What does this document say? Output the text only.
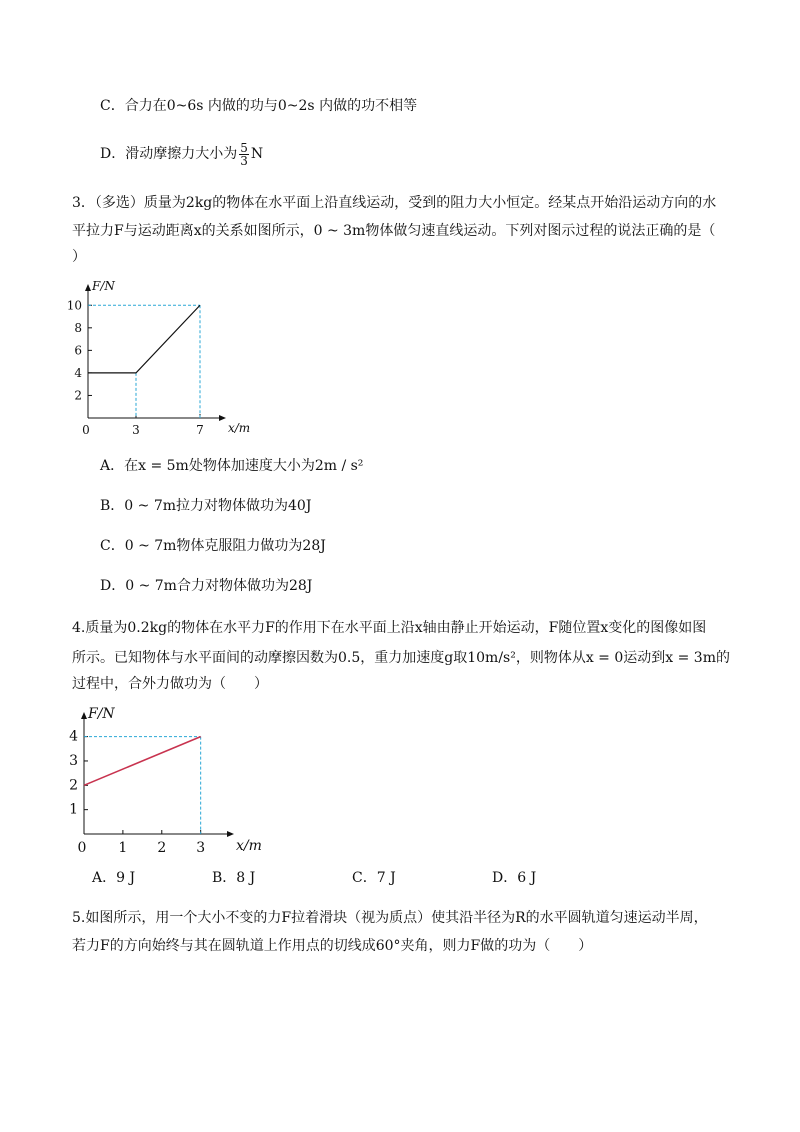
C．合力在0~6s 内做的功与0~2s 内做的功不相等
D．滑动摩擦力大小为 $\frac{5}{3}$ N
3．（多选）质量为2kg的物体在水平面上沿直线运动，受到的阻力大小恒定。经某点开始沿运动方向的水
平拉力F与运动距离x的关系如图所示，0 ~ 3m物体做匀速直线运动。下列对图示过程的说法正确的是（
）
2
4
6
8
10
0	3	7
F/N
x/m
A．在x = 5m处物体加速度大小为2m / s²
B．0 ~ 7m拉力对物体做功为40J
C．0 ~ 7m物体克服阻力做功为28J
D．0 ~ 7m合力对物体做功为28J
4.质量为0.2kg的物体在水平力F的作用下在水平面上沿x轴由静止开始运动，F随位置x变化的图像如图
所示。已知物体与水平面间的动摩擦因数为0.5，重力加速度g取10m/s²，则物体从x = 0运动到x = 3m的
过程中，合外力做功为（　　）
1
2
3
4
0 1 2 3
F/N
x/m
A．9 J	B．8 J	C．7 J	D．6 J
5.如图所示，用一个大小不变的力F拉着滑块（视为质点）使其沿半径为R的水平圆轨道匀速运动半周，
若力F的方向始终与其在圆轨道上作用点的切线成60°夹角，则力F做的功为（　　）
